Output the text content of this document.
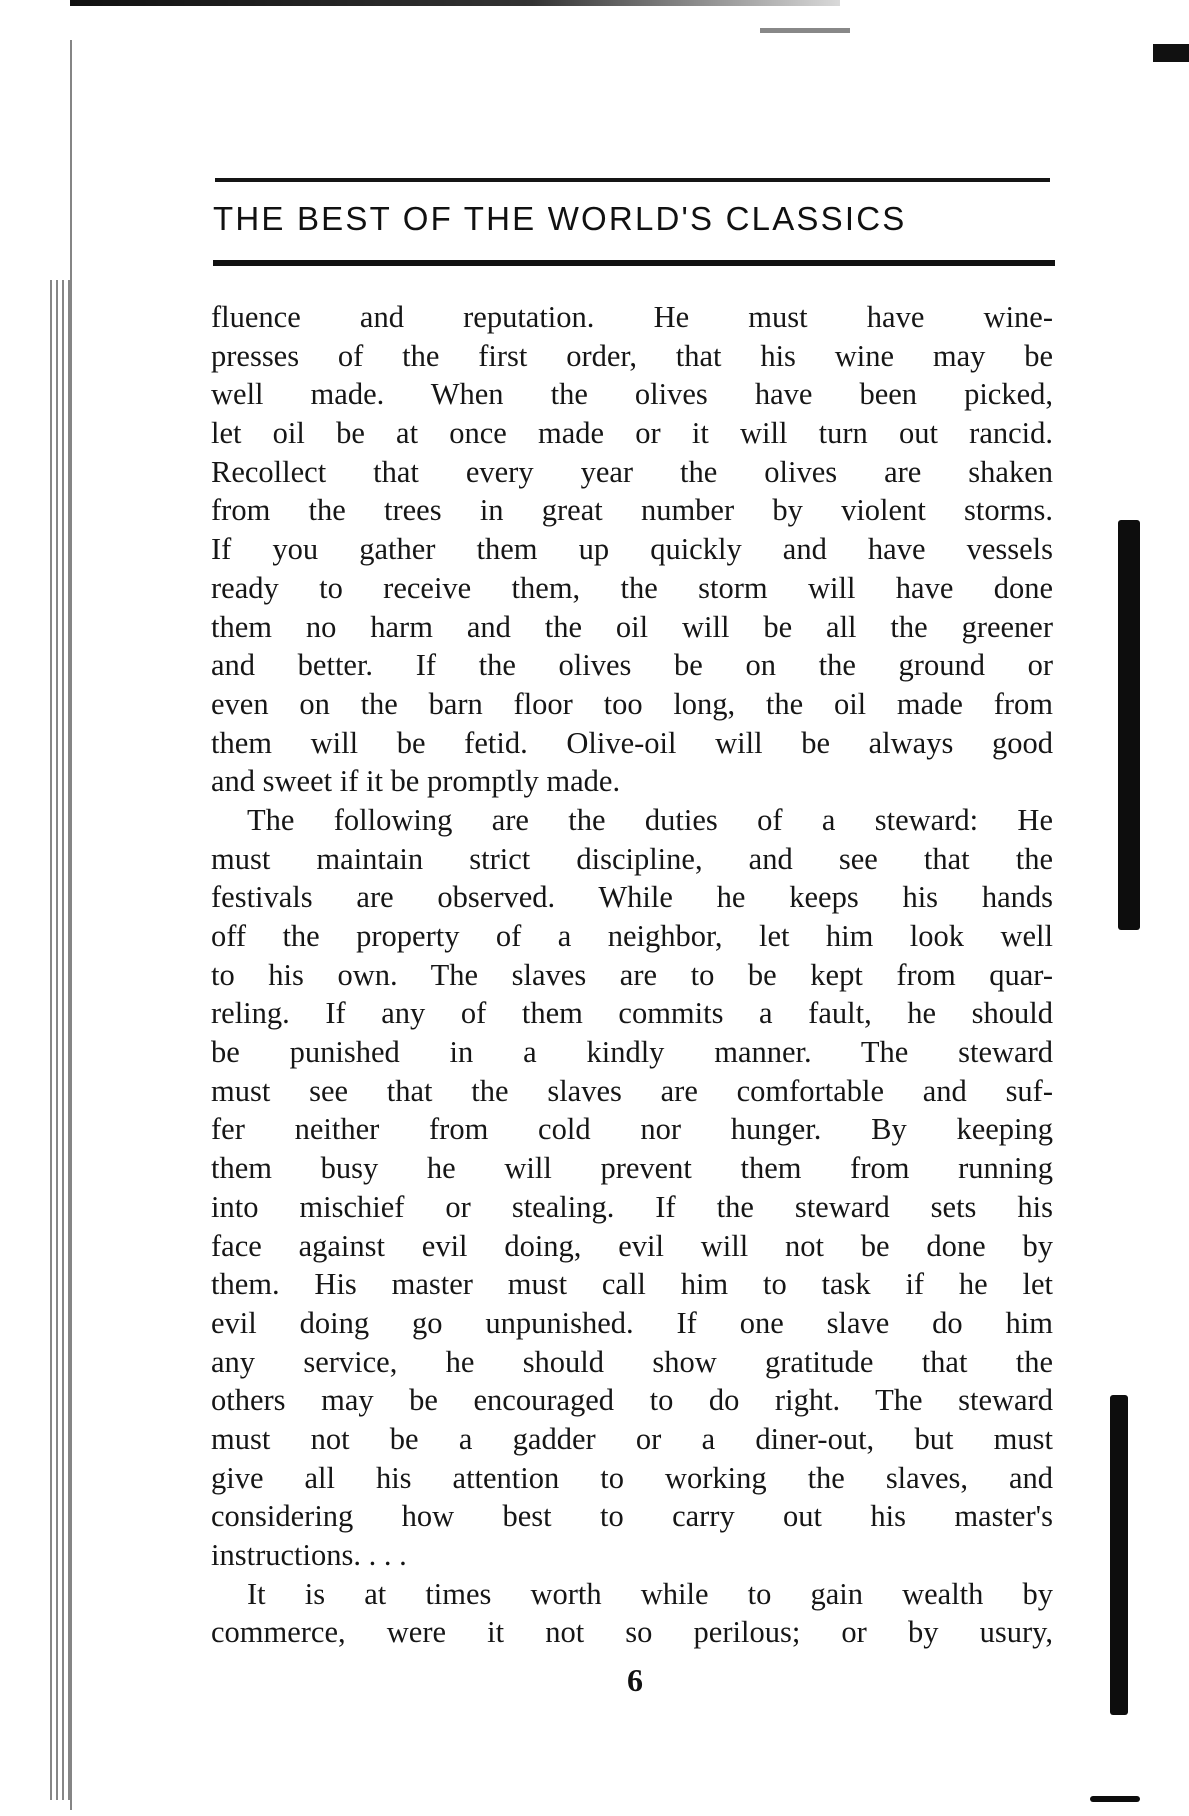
THE BEST OF THE WORLD'S CLASSICS
fluence and reputation. He must have wine-
presses of the first order, that his wine may be
well made. When the olives have been picked,
let oil be at once made or it will turn out rancid.
Recollect that every year the olives are shaken
from the trees in great number by violent storms.
If you gather them up quickly and have vessels
ready to receive them, the storm will have done
them no harm and the oil will be all the greener
and better. If the olives be on the ground or
even on the barn floor too long, the oil made from
them will be fetid. Olive-oil will be always good
and sweet if it be promptly made.
The following are the duties of a steward: He
must maintain strict discipline, and see that the
festivals are observed. While he keeps his hands
off the property of a neighbor, let him look well
to his own. The slaves are to be kept from quar-
reling. If any of them commits a fault, he should
be punished in a kindly manner. The steward
must see that the slaves are comfortable and suf-
fer neither from cold nor hunger. By keeping
them busy he will prevent them from running
into mischief or stealing. If the steward sets his
face against evil doing, evil will not be done by
them. His master must call him to task if he let
evil doing go unpunished. If one slave do him
any service, he should show gratitude that the
others may be encouraged to do right. The steward
must not be a gadder or a diner-out, but must
give all his attention to working the slaves, and
considering how best to carry out his master's
instructions. . . .
It is at times worth while to gain wealth by
commerce, were it not so perilous; or by usury,
6
